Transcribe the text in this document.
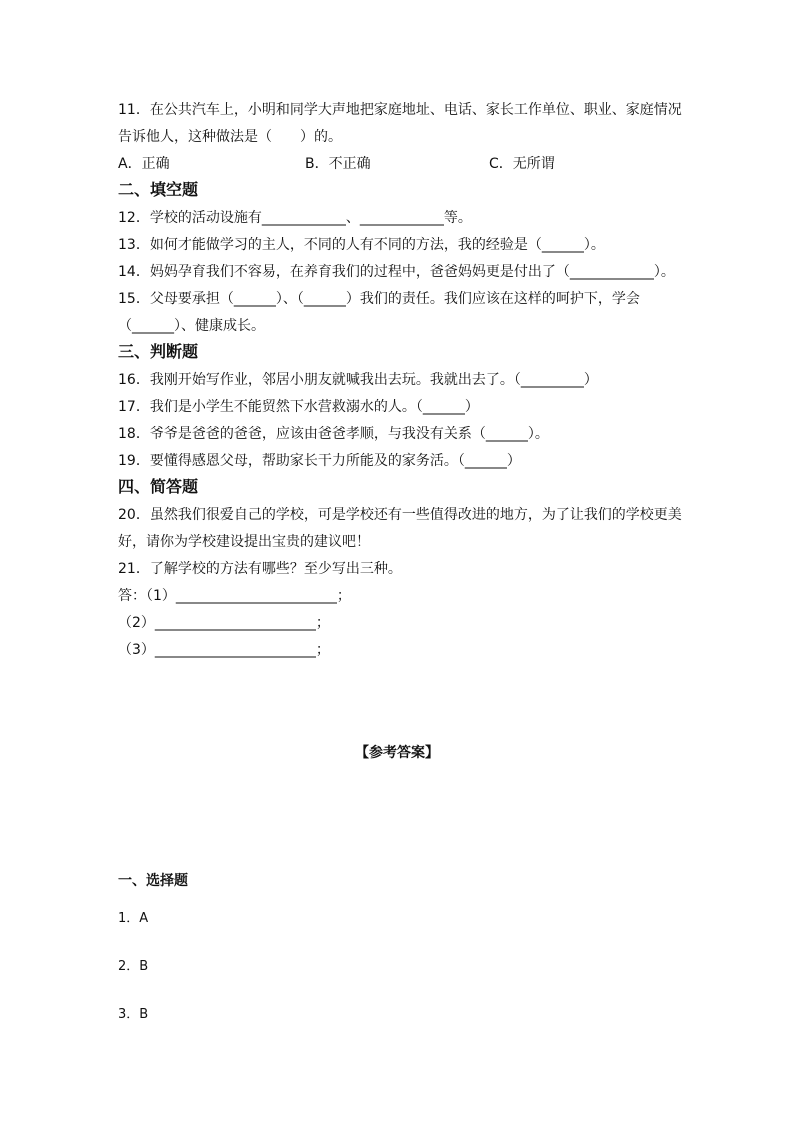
11．在公共汽车上，小明和同学大声地把家庭地址、电话、家长工作单位、职业、家庭情况
告诉他人，这种做法是（　　）的。
A．正确	B．不正确	C．无所谓
二、填空题
12．学校的活动设施有____________、____________等。
13．如何才能做学习的主人，不同的人有不同的方法，我的经验是（______）。
14．妈妈孕育我们不容易，在养育我们的过程中，爸爸妈妈更是付出了（____________）。
15．父母要承担（______）、（______）我们的责任。我们应该在这样的呵护下，学会
（______）、健康成长。
三、判断题
16．我刚开始写作业，邻居小朋友就喊我出去玩。我就出去了。（_________）
17．我们是小学生不能贸然下水营救溺水的人。（______）
18．爷爷是爸爸的爸爸，应该由爸爸孝顺，与我没有关系（______）。
19．要懂得感恩父母，帮助家长干力所能及的家务活。（______）
四、简答题
20．虽然我们很爱自己的学校，可是学校还有一些值得改进的地方，为了让我们的学校更美
好，请你为学校建设提出宝贵的建议吧！
21．了解学校的方法有哪些？至少写出三种。
答：（1）_______________________；
（2）_______________________；
（3）_______________________；
【参考答案】
一、选择题
1．A
2．B
3．B
